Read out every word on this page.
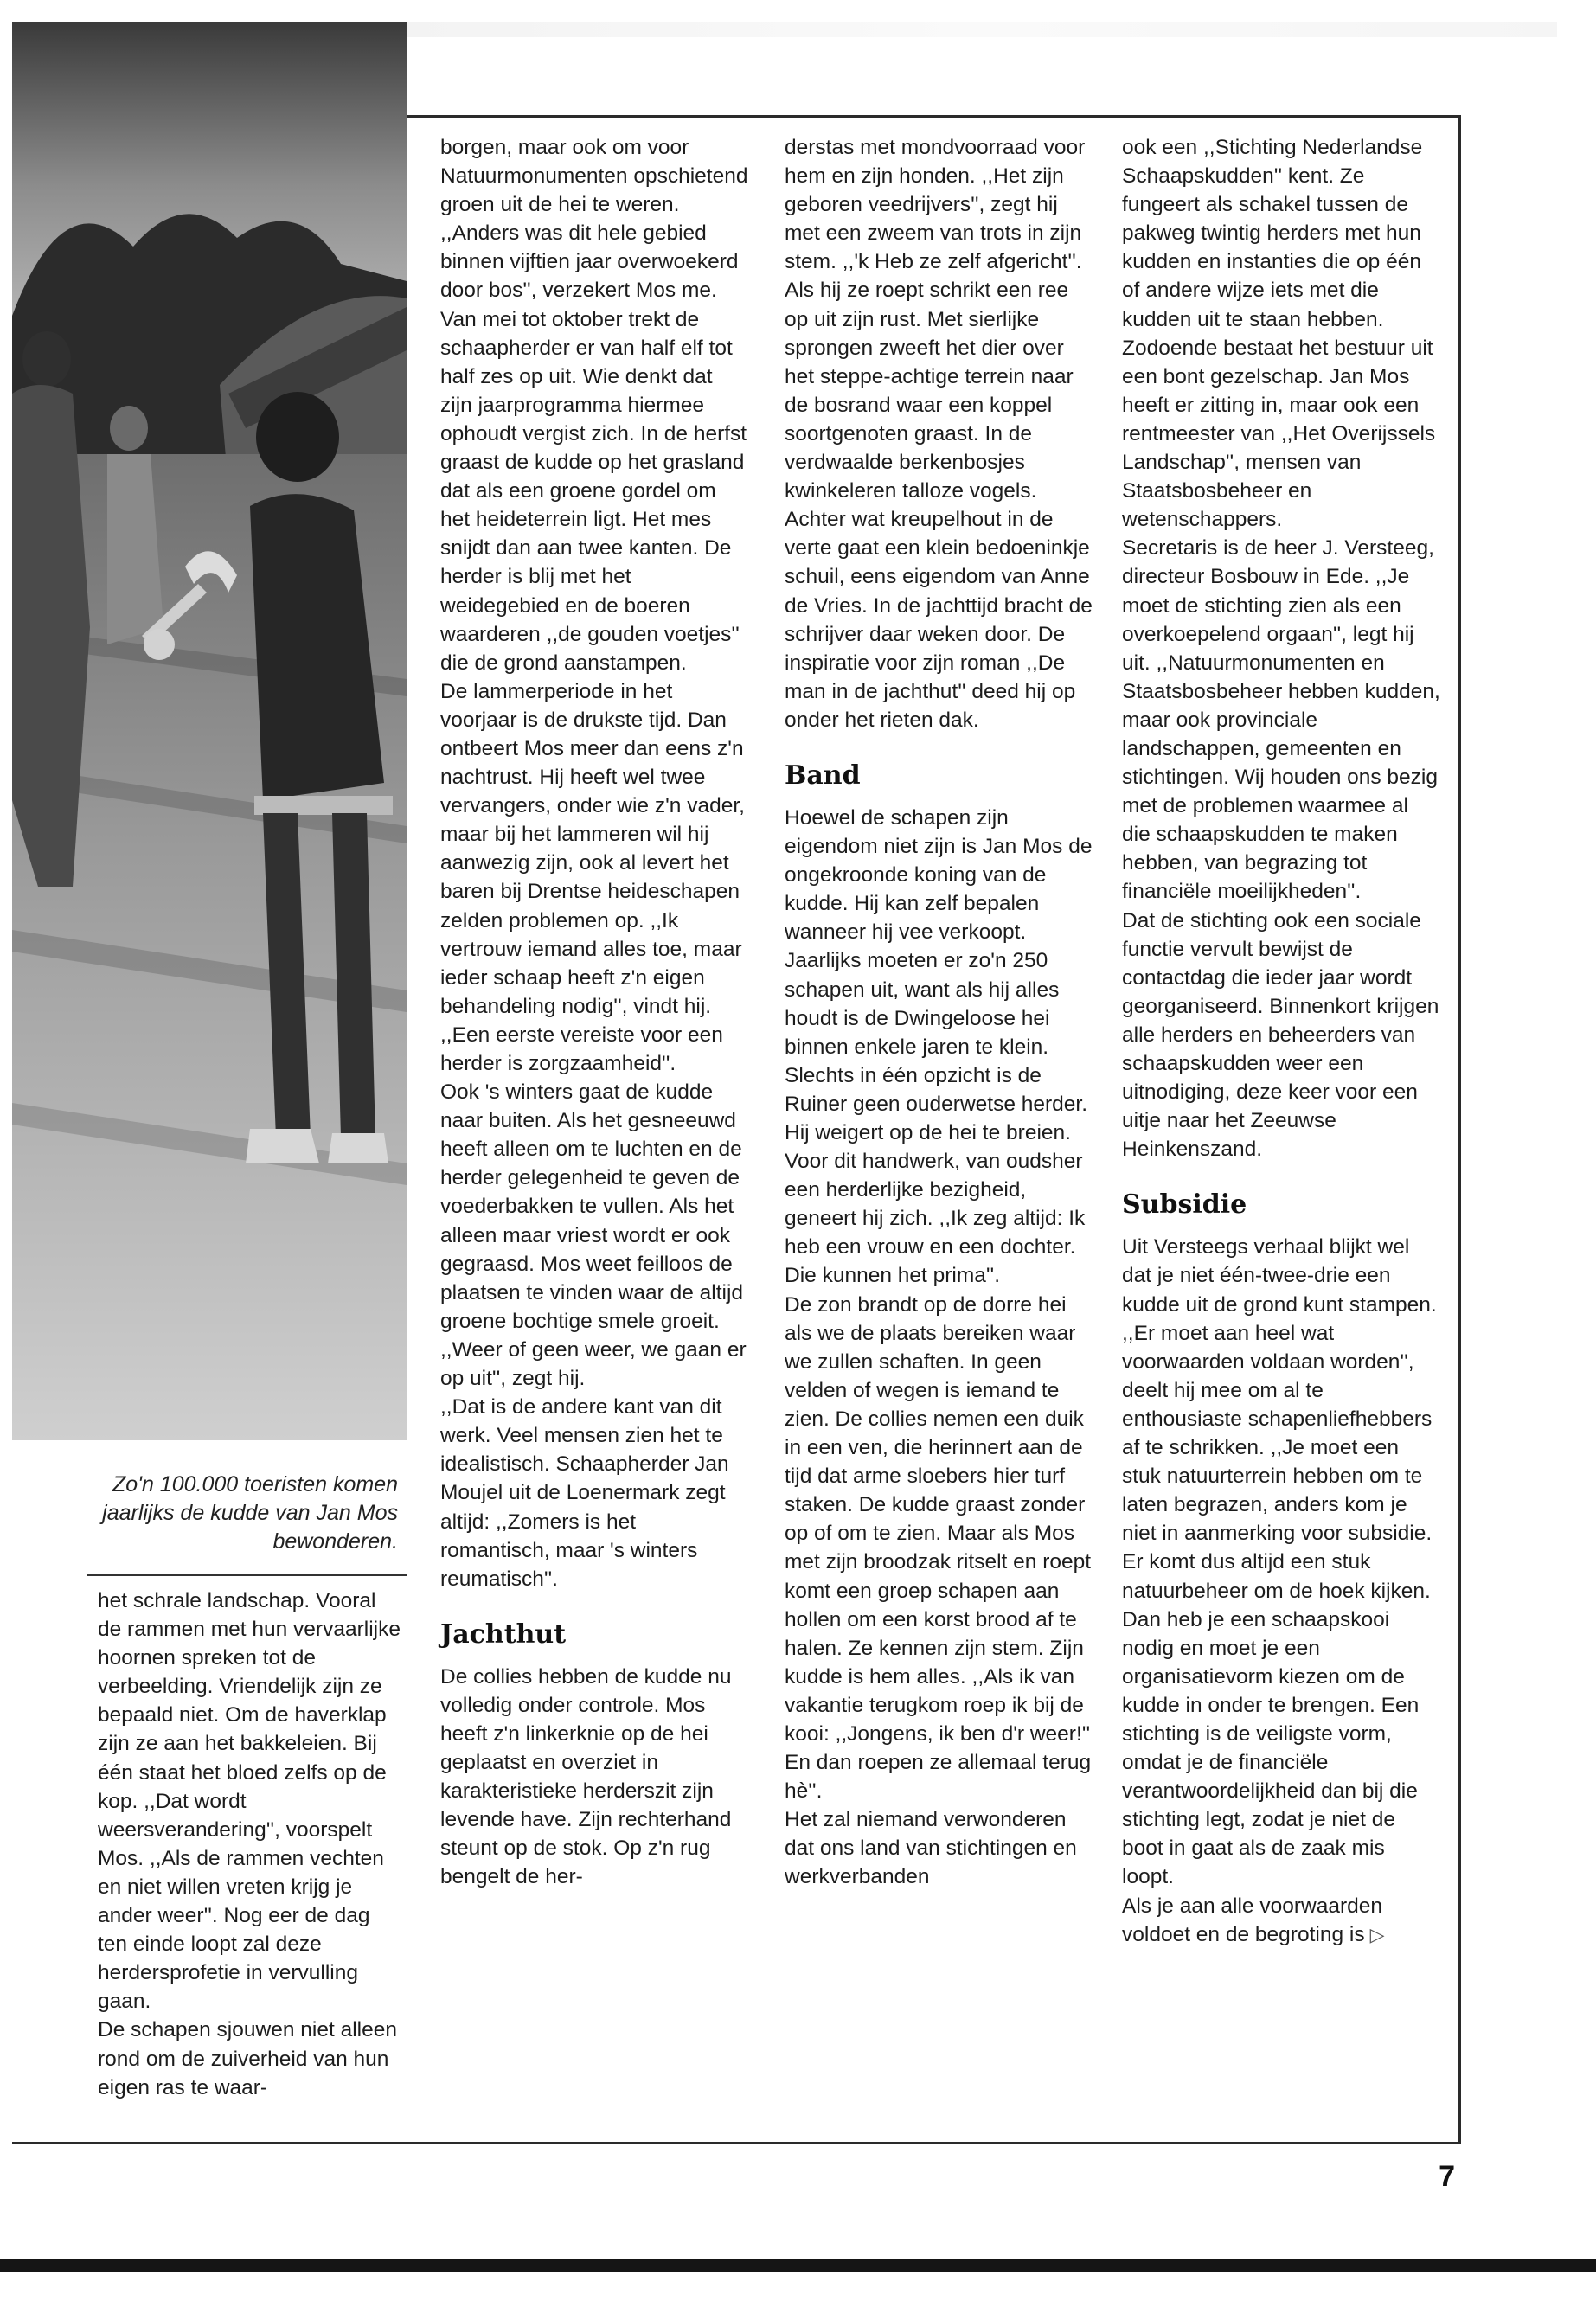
Zo'n 100.000 toeristen komen jaarlijks de kudde van Jan Mos bewonderen.

het schrale landschap. Vooral de rammen met hun vervaarlijke hoornen spreken tot de verbeelding. Vriendelijk zijn ze bepaald niet. Om de haverklap zijn ze aan het bakkeleien. Bij één staat het bloed zelfs op de kop. ,,Dat wordt weersverandering'', voorspelt Mos. ,,Als de rammen vechten en niet willen vreten krijg je ander weer''. Nog eer de dag ten einde loopt zal deze herdersprofetie in vervulling gaan.

De schapen sjouwen niet alleen rond om de zuiverheid van hun eigen ras te waar-

borgen, maar ook om voor Natuurmonumenten opschietend groen uit de hei te weren. ,,Anders was dit hele gebied binnen vijftien jaar overwoekerd door bos'', verzekert Mos me.

Van mei tot oktober trekt de schaapherder er van half elf tot half zes op uit. Wie denkt dat zijn jaarprogramma hiermee ophoudt vergist zich. In de herfst graast de kudde op het grasland dat als een groene gordel om het heideterrein ligt. Het mes snijdt dan aan twee kanten. De herder is blij met het weidegebied en de boeren waarderen ,,de gouden voetjes'' die de grond aanstampen.

De lammerperiode in het voorjaar is de drukste tijd. Dan ontbeert Mos meer dan eens z'n nachtrust. Hij heeft wel twee vervangers, onder wie z'n vader, maar bij het lammeren wil hij aanwezig zijn, ook al levert het baren bij Drentse heideschapen zelden problemen op. ,,Ik vertrouw iemand alles toe, maar ieder schaap heeft z'n eigen behandeling nodig'', vindt hij. ,,Een eerste vereiste voor een herder is zorgzaamheid''.

Ook 's winters gaat de kudde naar buiten. Als het gesneeuwd heeft alleen om te luchten en de herder gelegenheid te geven de voederbakken te vullen. Als het alleen maar vriest wordt er ook gegraasd. Mos weet feilloos de plaatsen te vinden waar de altijd groene bochtige smele groeit.

,,Weer of geen weer, we gaan er op uit'', zegt hij.

,,Dat is de andere kant van dit werk. Veel mensen zien het te idealistisch. Schaapherder Jan Moujel uit de Loenermark zegt altijd: ,,Zomers is het romantisch, maar 's winters reumatisch''.

Jachthut

De collies hebben de kudde nu volledig onder controle. Mos heeft z'n linkerknie op de hei geplaatst en overziet in karakteristieke herderszit zijn levende have. Zijn rechterhand steunt op de stok. Op z'n rug bengelt de her-

derstas met mondvoorraad voor hem en zijn honden. ,,Het zijn geboren veedrijvers'', zegt hij met een zweem van trots in zijn stem. ,,'k Heb ze zelf afgericht''.

Als hij ze roept schrikt een ree op uit zijn rust. Met sierlijke sprongen zweeft het dier over het steppe-achtige terrein naar de bosrand waar een koppel soortgenoten graast. In de verdwaalde berkenbosjes kwinkeleren talloze vogels. Achter wat kreupelhout in de verte gaat een klein bedoeninkje schuil, eens eigendom van Anne de Vries. In de jachttijd bracht de schrijver daar weken door. De inspiratie voor zijn roman ,,De man in de jachthut'' deed hij op onder het rieten dak.

Band

Hoewel de schapen zijn eigendom niet zijn is Jan Mos de ongekroonde koning van de kudde. Hij kan zelf bepalen wanneer hij vee verkoopt. Jaarlijks moeten er zo'n 250 schapen uit, want als hij alles houdt is de Dwingeloose hei binnen enkele jaren te klein.

Slechts in één opzicht is de Ruiner geen ouderwetse herder. Hij weigert op de hei te breien. Voor dit handwerk, van oudsher een herderlijke bezigheid, geneert hij zich. ,,Ik zeg altijd: Ik heb een vrouw en een dochter. Die kunnen het prima''.

De zon brandt op de dorre hei als we de plaats bereiken waar we zullen schaften. In geen velden of wegen is iemand te zien. De collies nemen een duik in een ven, die herinnert aan de tijd dat arme sloebers hier turf staken. De kudde graast zonder op of om te zien. Maar als Mos met zijn broodzak ritselt en roept komt een groep schapen aan hollen om een korst brood af te halen. Ze kennen zijn stem. Zijn kudde is hem alles. ,,Als ik van vakantie terugkom roep ik bij de kooi: ,,Jongens, ik ben d'r weer!'' En dan roepen ze allemaal terug hè''.

Het zal niemand verwonderen dat ons land van stichtingen en werkverbanden

ook een ,,Stichting Nederlandse Schaapskudden'' kent. Ze fungeert als schakel tussen de pakweg twintig herders met hun kudden en instanties die op één of andere wijze iets met die kudden uit te staan hebben. Zodoende bestaat het bestuur uit een bont gezelschap. Jan Mos heeft er zitting in, maar ook een rentmeester van ,,Het Overijssels Landschap'', mensen van Staatsbosbeheer en wetenschappers.

Secretaris is de heer J. Versteeg, directeur Bosbouw in Ede. ,,Je moet de stichting zien als een overkoepelend orgaan'', legt hij uit. ,,Natuurmonumenten en Staatsbosbeheer hebben kudden, maar ook provinciale landschappen, gemeenten en stichtingen. Wij houden ons bezig met de problemen waarmee al die schaapskudden te maken hebben, van begrazing tot financiële moeilijkheden''.

Dat de stichting ook een sociale functie vervult bewijst de contactdag die ieder jaar wordt georganiseerd. Binnenkort krijgen alle herders en beheerders van schaapskudden weer een uitnodiging, deze keer voor een uitje naar het Zeeuwse Heinkenszand.

Subsidie

Uit Versteegs verhaal blijkt wel dat je niet één-twee-drie een kudde uit de grond kunt stampen. ,,Er moet aan heel wat voorwaarden voldaan worden'', deelt hij mee om al te enthousiaste schapenliefhebbers af te schrikken. ,,Je moet een stuk natuurterrein hebben om te laten begrazen, anders kom je niet in aanmerking voor subsidie. Er komt dus altijd een stuk natuurbeheer om de hoek kijken.

Dan heb je een schaapskooi nodig en moet je een organisatievorm kiezen om de kudde in onder te brengen. Een stichting is de veiligste vorm, omdat je de financiële verantwoordelijkheid dan bij die stichting legt, zodat je niet de boot in gaat als de zaak mis loopt.

Als je aan alle voorwaarden voldoet en de begroting is ▷

7
